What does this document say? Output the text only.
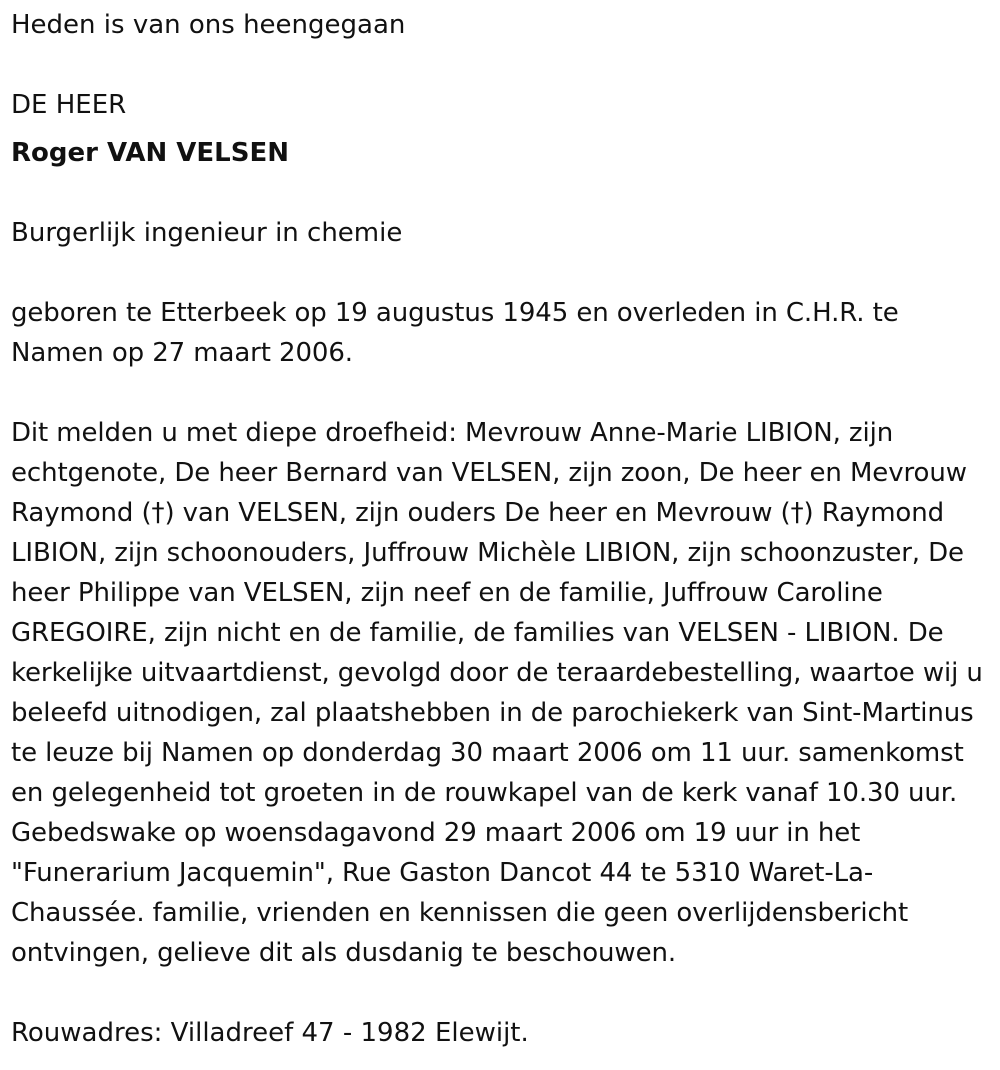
Heden is van ons heengegaan

DE HEER

Roger VAN VELSEN

Burgerlijk ingenieur in chemie

geboren te Etterbeek op 19 augustus 1945 en overleden in C.H.R. te Namen op 27 maart 2006.

Dit melden u met diepe droefheid: Mevrouw Anne-Marie LIBION, zijn echtgenote, De heer Bernard van VELSEN, zijn zoon, De heer en Mevrouw Raymond (†) van VELSEN, zijn ouders De heer en Mevrouw (†) Raymond LIBION, zijn schoonouders, Juffrouw Michèle LIBION, zijn schoonzuster, De heer Philippe van VELSEN, zijn neef en de familie, Juffrouw Caroline GREGOIRE, zijn nicht en de familie, de families van VELSEN - LIBION. De kerkelijke uitvaartdienst, gevolgd door de teraardebestelling, waartoe wij u beleefd uitnodigen, zal plaatshebben in de parochiekerk van Sint-Martinus te leuze bij Namen op donderdag 30 maart 2006 om 11 uur. samenkomst en gelegenheid tot groeten in de rouwkapel van de kerk vanaf 10.30 uur. Gebedswake op woensdagavond 29 maart 2006 om 19 uur in het "Funerarium Jacquemin", Rue Gaston Dancot 44 te 5310 Waret-La-Chaussée. familie, vrienden en kennissen die geen overlijdensbericht ontvingen, gelieve dit als dusdanig te beschouwen.

Rouwadres: Villadreef 47 - 1982 Elewijt.
